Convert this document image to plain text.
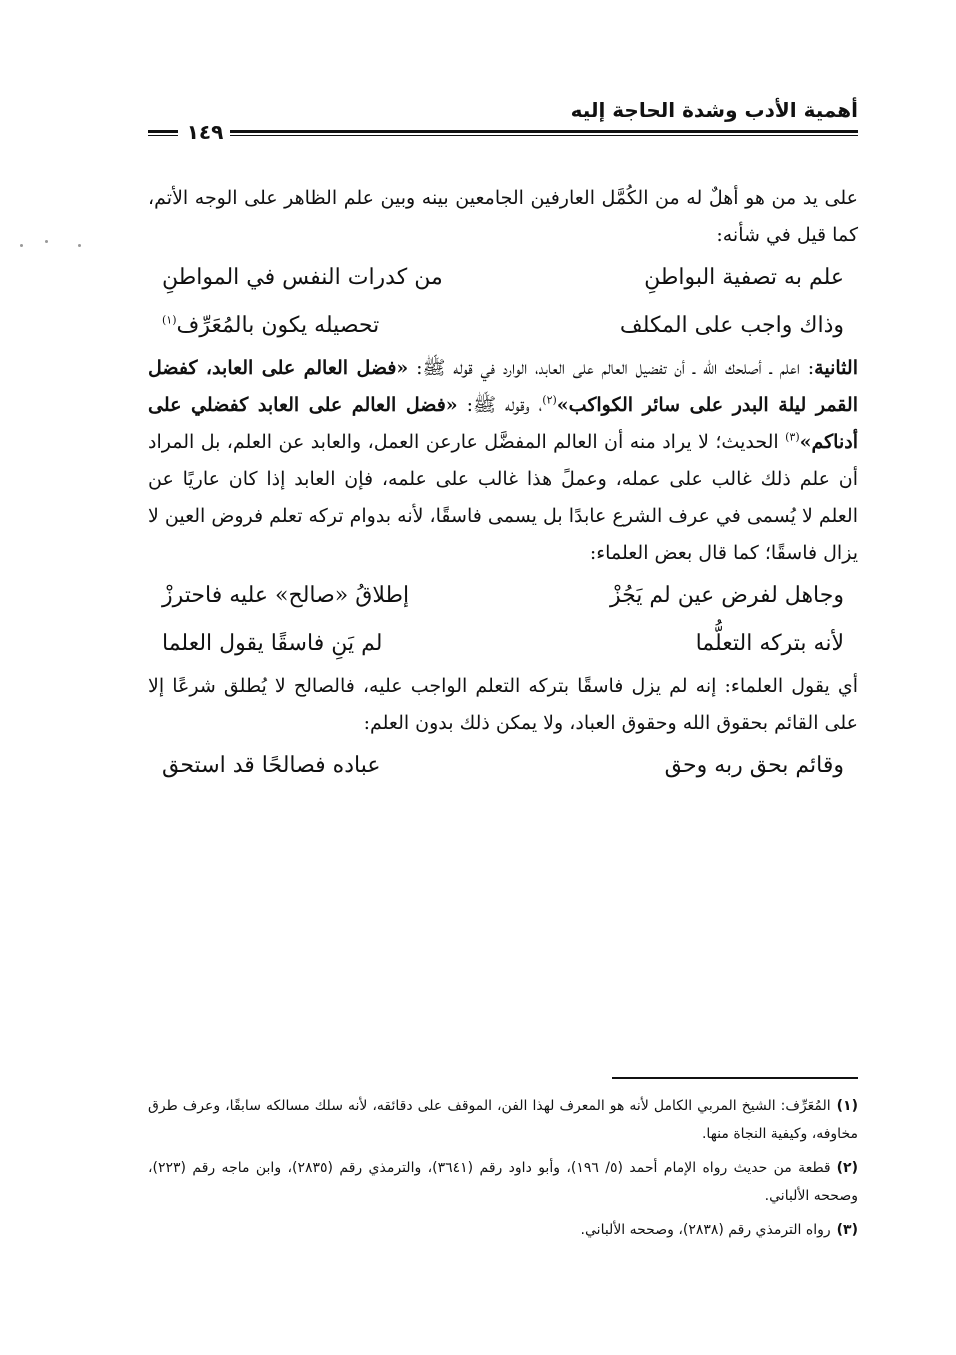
أهمية الأدب وشدة الحاجة إليه
١٤٩

على يد من هو أهلٌ له من الكُمَّل العارفين الجامعين بينه وبين علم الظاهر على الوجه الأتم، كما قيل في شأنه:

علم به تصفية البواطنِ
من كدرات النفس في المواطنِ
وذاك واجب على المكلف
تحصيله يكون بالمُعَرِّف$^{(١)}$

الثانية: اعلم ـ أصلحك الله ـ أن تفضيل العالم على العابد، الوارد في قوله ﷺ: «فضل العالم على العابد، كفضل القمر ليلة البدر على سائر الكواكب»$^{(٢)}$، وقوله ﷺ: «فضل العالم على العابد كفضلي على أدناكم»$^{(٣)}$ الحديث؛ لا يراد منه أن العالم المفضَّل عارعن العمل، والعابد عن العلم، بل المراد أن علم ذلك غالب على عمله، وعملً هذا غالب على علمه، فإن العابد إذا كان عاريًا عن العلم لا يُسمى في عرف الشرع عابدًا بل يسمى فاسقًا، لأنه بدوام تركه تعلم فروض العين لا يزال فاسقًا؛ كما قال بعض العلماء:

وجاهل لفرض عين لم يَجُزْ
إطلاقُ «صالح» عليه فاحترزْ
لأنه بتركه التعلُّما
لم يَنِ فاسقًا يقول العلما

أي يقول العلماء: إنه لم يزل فاسقًا بتركه التعلم الواجب عليه، فالصالح لا يُطلق شرعًا إلا على القائم بحقوق الله وحقوق العباد، ولا يمكن ذلك بدون العلم:

وقائم بحق ربه وحق
عباده فصالحًا قد استحق

(١)المُعَرِّف: الشيخ المربي الكامل لأنه هو المعرف لهذا الفن، الموقف على دقائقه، لأنه سلك مسالكه سابقًا، وعرف طرق مخاوفه، وكيفية النجاة منها.

(٢)قطعة من حديث رواه الإمام أحمد (٥/ ١٩٦)، وأبو داود رقم (٣٦٤١)، والترمذي رقم (٢٨٣٥)، وابن ماجه رقم (٢٢٣)، وصححه الألباني.

(٣)رواه الترمذي رقم (٢٨٣٨)، وصححه الألباني.
